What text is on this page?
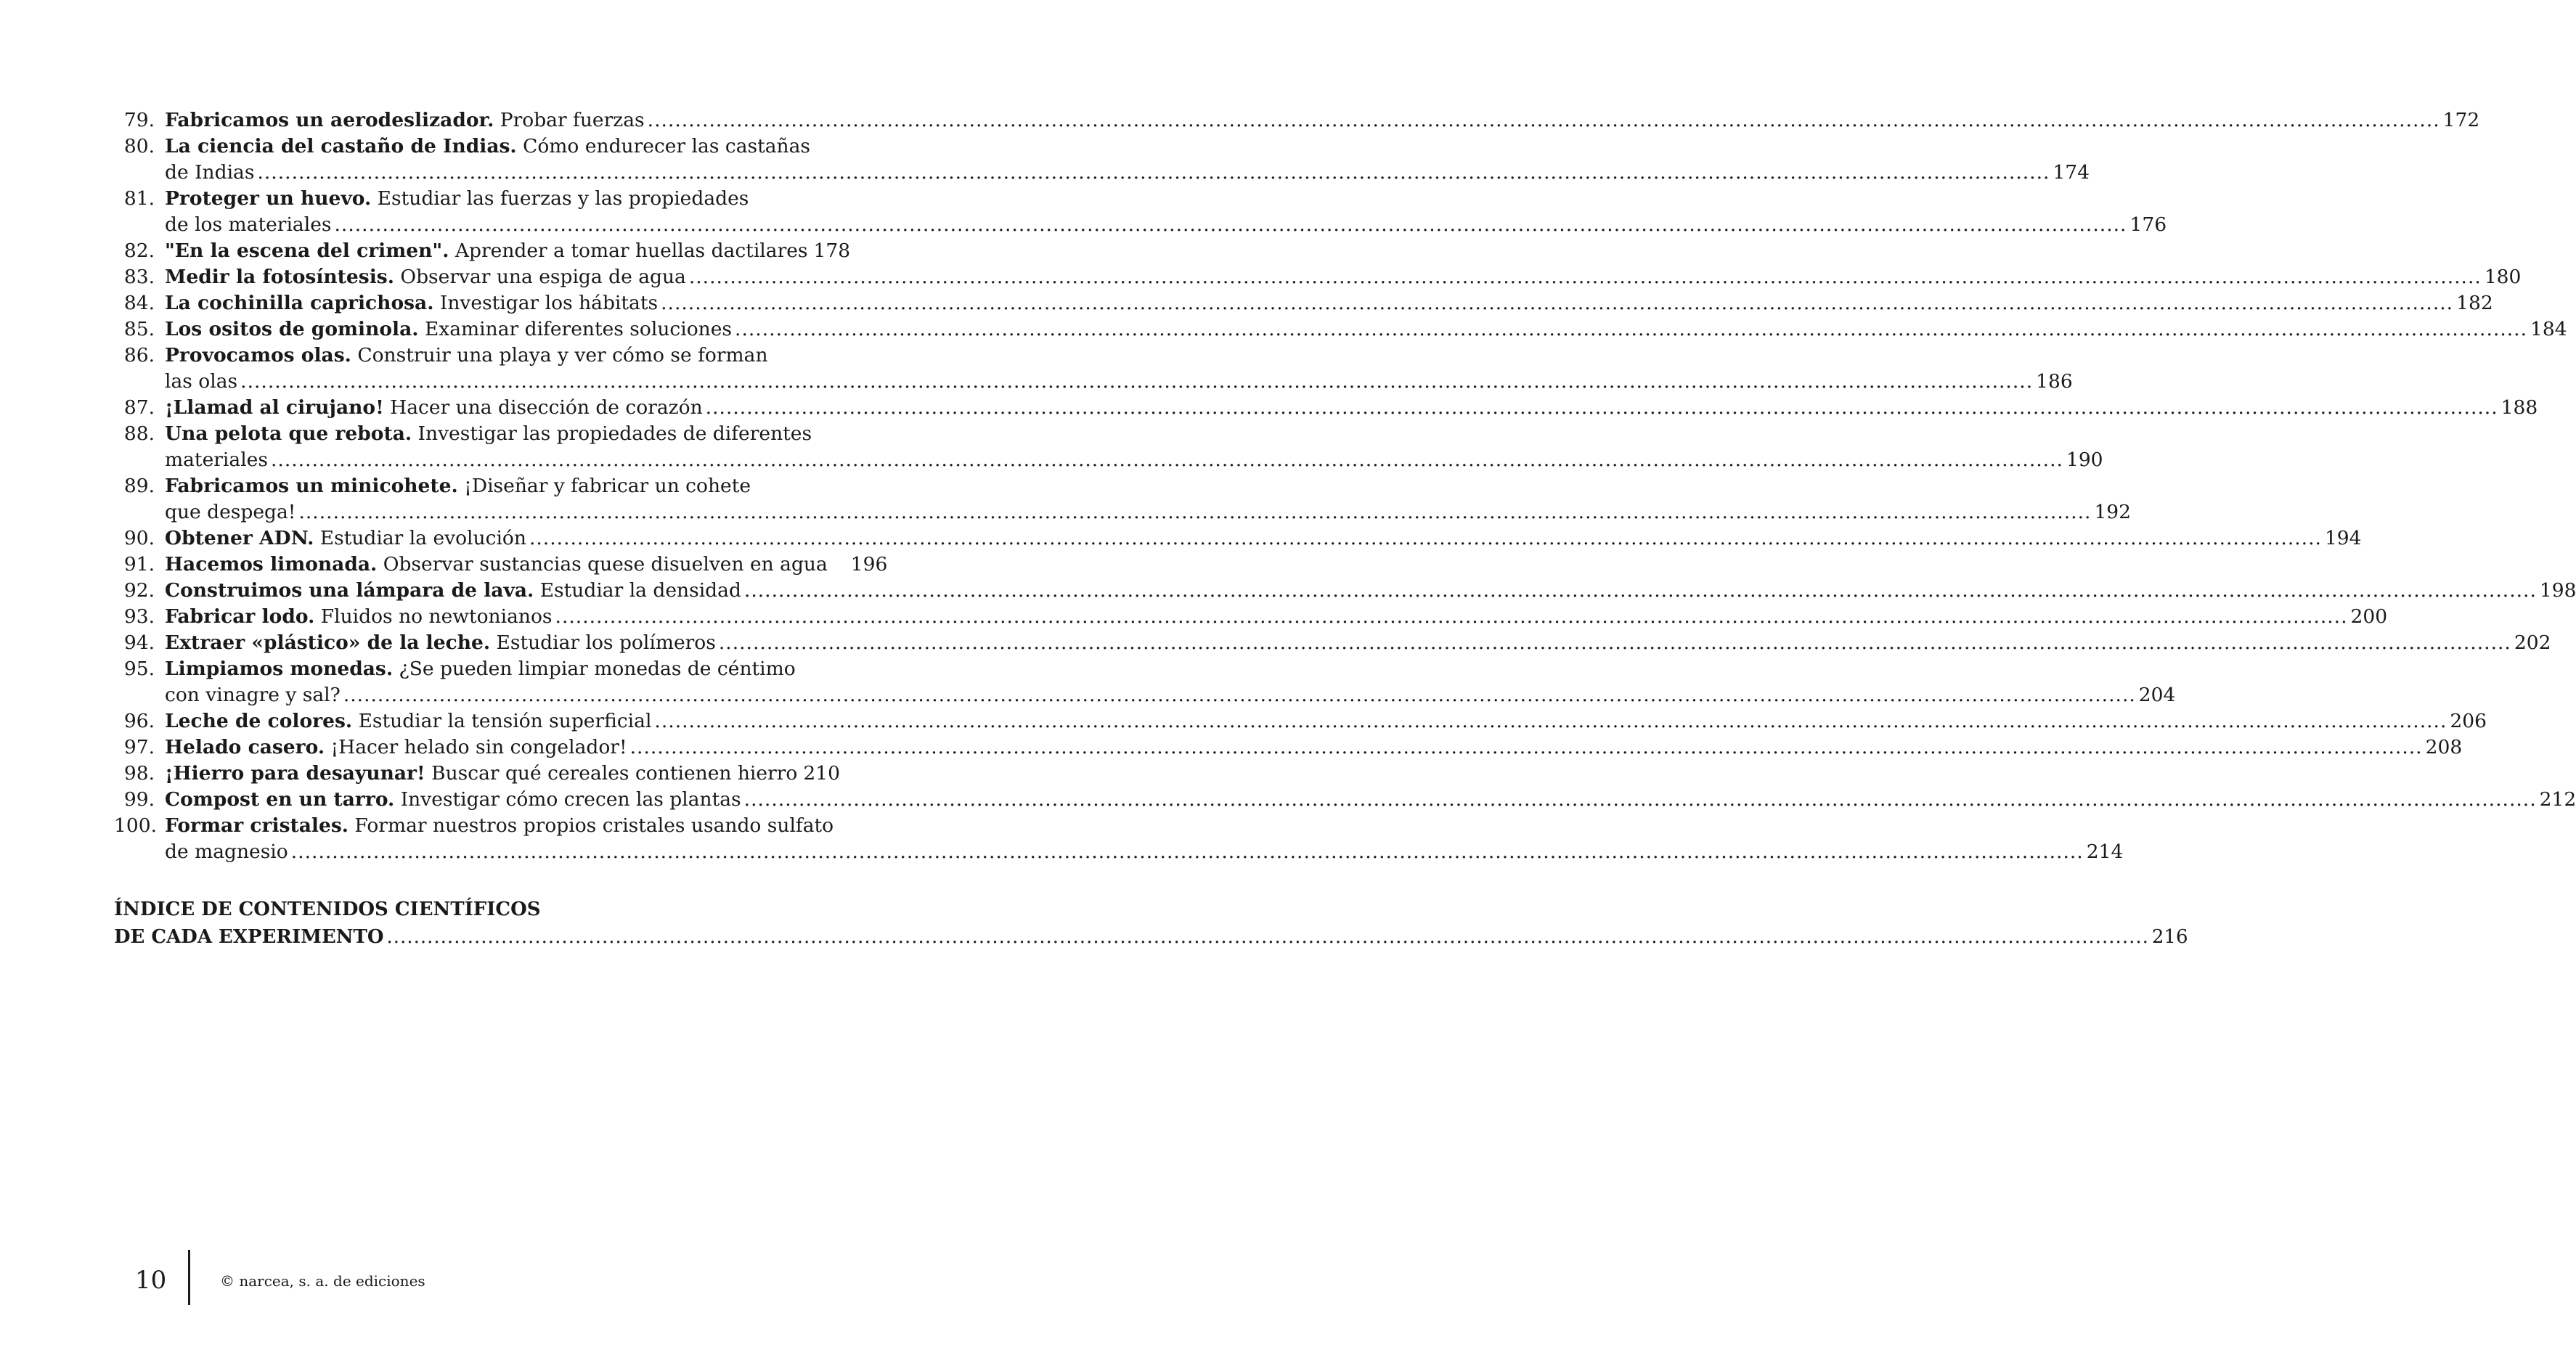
79. Fabricamos un aerodeslizador. Probar fuerzas .....	172
80. La ciencia del castaño de Indias. Cómo endurecer las castañas
de Indias .....	174
81. Proteger un huevo. Estudiar las fuerzas y las propiedades
de los materiales .....	176
82. "En la escena del crimen". Aprender a tomar huellas dactilares 178
83. Medir la fotosíntesis. Observar una espiga de agua .....	180
84. La cochinilla caprichosa. Investigar los hábitats .....	182
85. Los ositos de gominola. Examinar diferentes soluciones .....	184
86. Provocamos olas. Construir una playa y ver cómo se forman
las olas .....	186
87. ¡Llamad al cirujano! Hacer una disección de corazón .....	188
88. Una pelota que rebota. Investigar las propiedades de diferentes
materiales .....	190
89. Fabricamos un minicohete. ¡Diseñar y fabricar un cohete
que despega! .....	192
90. Obtener ADN. Estudiar la evolución .....	194
91. Hacemos limonada. Observar sustancias quese disuelven en agua	196
92. Construimos una lámpara de lava. Estudiar la densidad .....	198
93. Fabricar lodo. Fluidos no newtonianos .....	200
94. Extraer «plástico» de la leche. Estudiar los polímeros .....	202
95. Limpiamos monedas. ¿Se pueden limpiar monedas de céntimo
con vinagre y sal? .....	204
96. Leche de colores. Estudiar la tensión superficial .....	206
97. Helado casero. ¡Hacer helado sin congelador! .....	208
98. ¡Hierro para desayunar! Buscar qué cereales contienen hierro 210
99. Compost en un tarro. Investigar cómo crecen las plantas .....	212
100. Formar cristales. Formar nuestros propios cristales usando sulfato
de magnesio .....	214
ÍNDICE DE CONTENIDOS CIENTÍFICOS
DE CADA EXPERIMENTO .....	216
10	© narcea, s. a. de ediciones
